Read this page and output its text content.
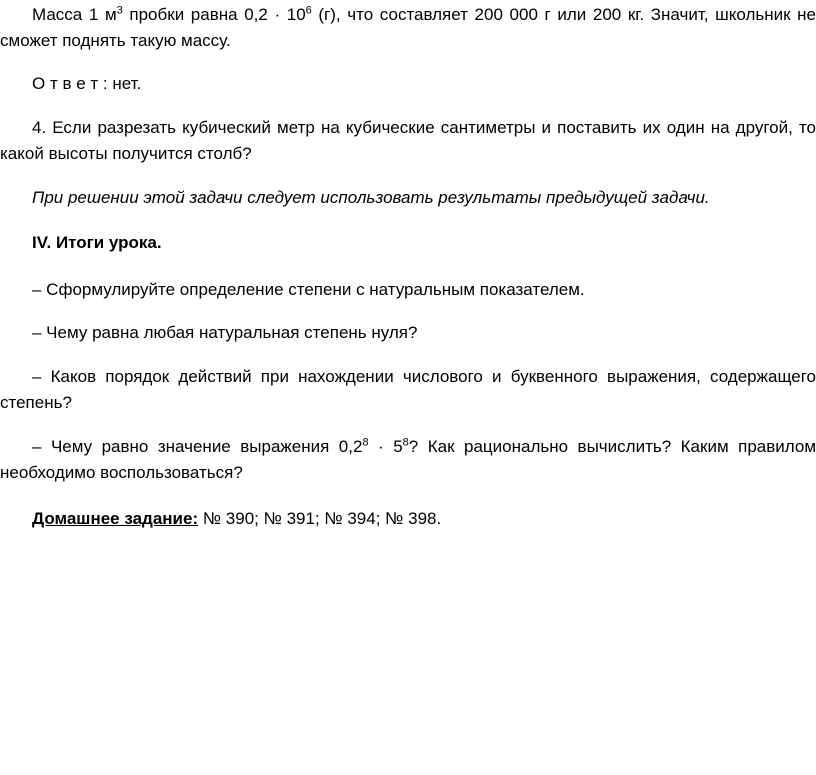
Масса 1 $м^3$ пробки равна $0,2 \cdot 10^6$ (г), что составляет 200 000 г или 200 кг. Значит, школьник не сможет поднять такую массу.

О т в е т : нет.

4. Если разрезать кубический метр на кубические сантиметры и поставить их один на другой, то какой высоты получится столб?

При решении этой задачи следует использовать результаты предыдущей задачи.

IV. Итоги урока.

– Сформулируйте определение степени с натуральным показателем.

– Чему равна любая натуральная степень нуля?

– Каков порядок действий при нахождении числового и буквенного выражения, содержащего степень?

– Чему равно значение выражения $0,2^8 \cdot 5^8$? Как рационально вычислить? Каким правилом необходимо воспользоваться?

Домашнее задание: № 390; № 391; № 394; № 398.
